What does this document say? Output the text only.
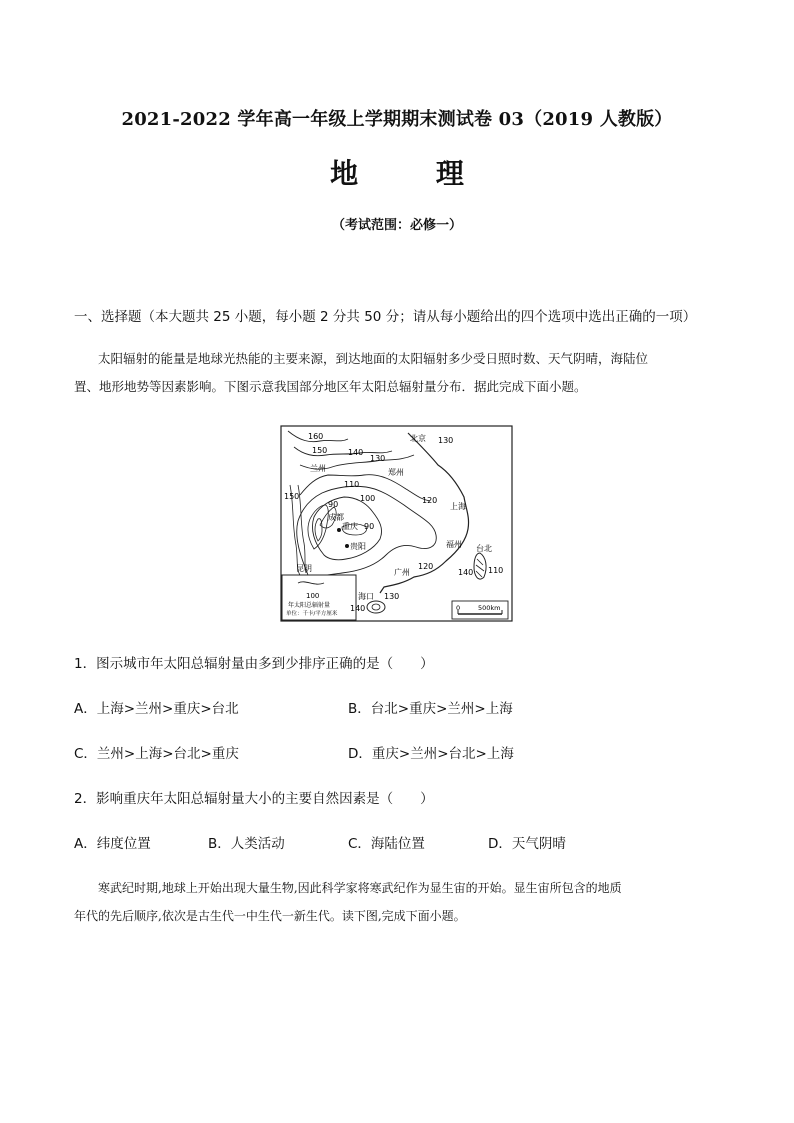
2021-2022 学年高一年级上学期期末测试卷 03（2019 人教版）
地 理
（考试范围：必修一）
一、选择题（本大题共 25 小题，每小题 2 分共 50 分；请从每小题给出的四个选项中选出正确的一项）
太阳辐射的能量是地球光热能的主要来源，到达地面的太阳辐射多少受日照时数、天气阴晴，海陆位
置、地形地势等因素影响。下图示意我国部分地区年太阳总辐射量分布．据此完成下面小题。
北京
兰州	郑州
上海
成都
重庆
贵阳	福州 台北
昆明	广州
海口
160
150	140
130
130
110
100	120
150
90
90
120
140 110
100
140
130
年太阳总辐射量
单位：千卡/平方厘米
0	500km
1．图示城市年太阳总辐射量由多到少排序正确的是（　　）
A．上海>兰州>重庆>台北	B．台北>重庆>兰州>上海
C．兰州>上海>台北>重庆	D．重庆>兰州>台北>上海
2．影响重庆年太阳总辐射量大小的主要自然因素是（　　）
A．纬度位置	B．人类活动	C．海陆位置	D．天气阴晴
寒武纪时期,地球上开始出现大量生物,因此科学家将寒武纪作为显生宙的开始。显生宙所包含的地质
年代的先后顺序,依次是古生代一中生代一新生代。读下图,完成下面小题。
